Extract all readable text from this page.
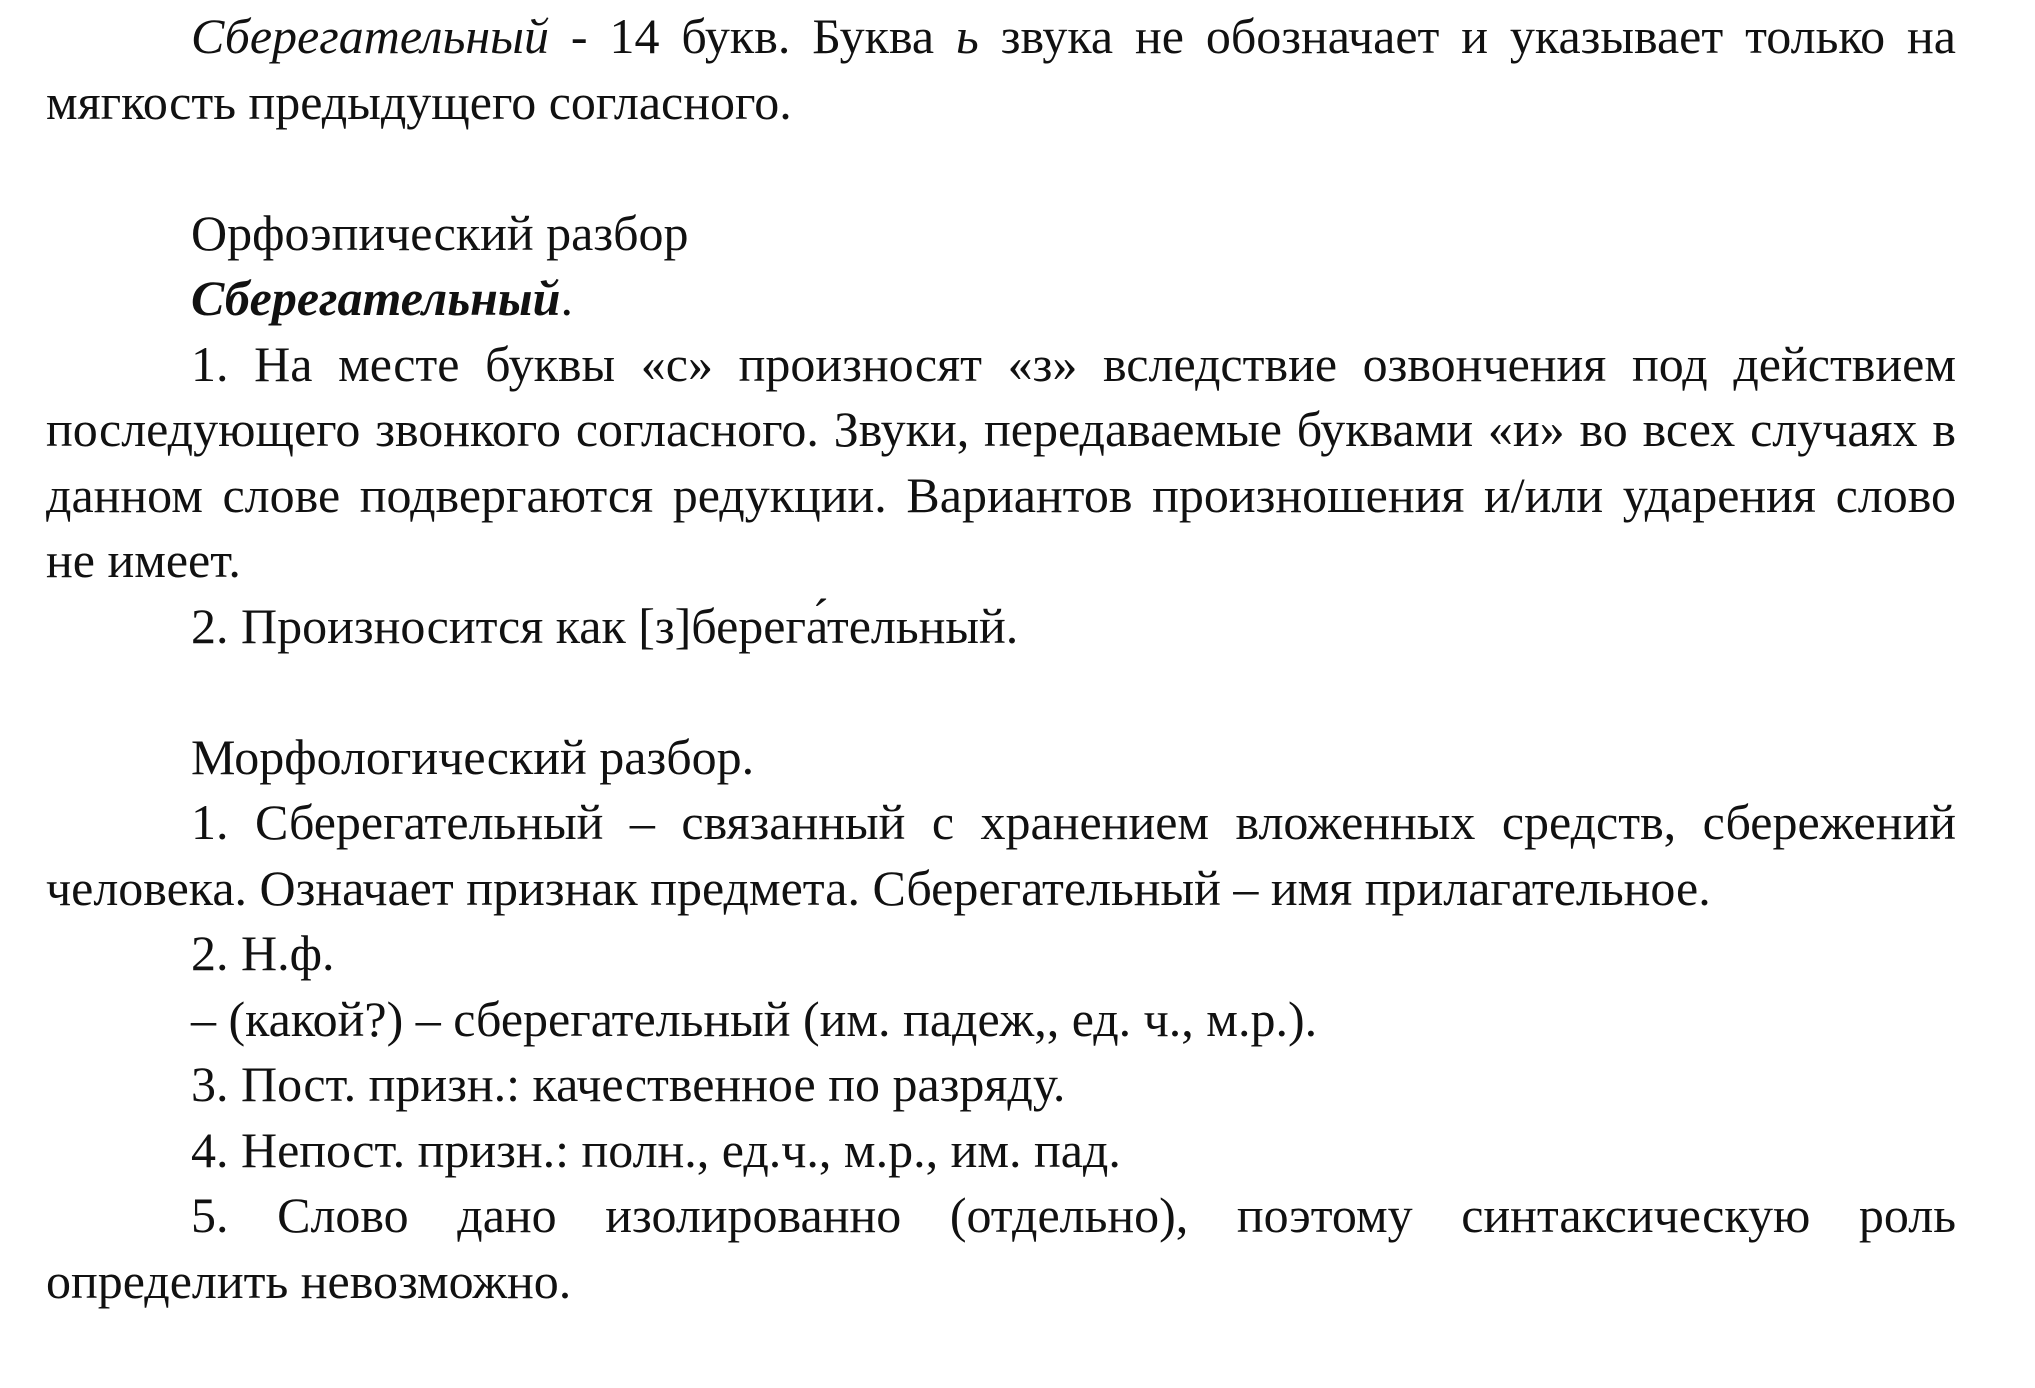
Сберегательный - 14 букв. Буква ь звука не обозначает и указывает только на мягкость предыдущего согласного.

Орфоэпический разбор

Сберегательный.

1. На месте буквы «с» произносят «з» вследствие озвончения под действием последующего звонкого согласного. Звуки, передаваемые буквами «и» во всех случаях в данном слове подвергаются редукции. Вариантов произношения и/или ударения слово не имеет.

2. Произносится как [з]берега́тельный.

Морфологический разбор.

1. Сберегательный – связанный с хранением вложенных средств, сбережений человека. Означает признак предмета. Сберегательный – имя прилагательное.

2. Н.ф.

– (какой?) – сберегательный (им. падеж,, ед. ч., м.р.).

3. Пост. призн.: качественное по разряду.

4. Непост. призн.: полн., ед.ч., м.р., им. пад.

5. Слово дано изолированно (отдельно), поэтому синтаксическую роль определить невозможно.
